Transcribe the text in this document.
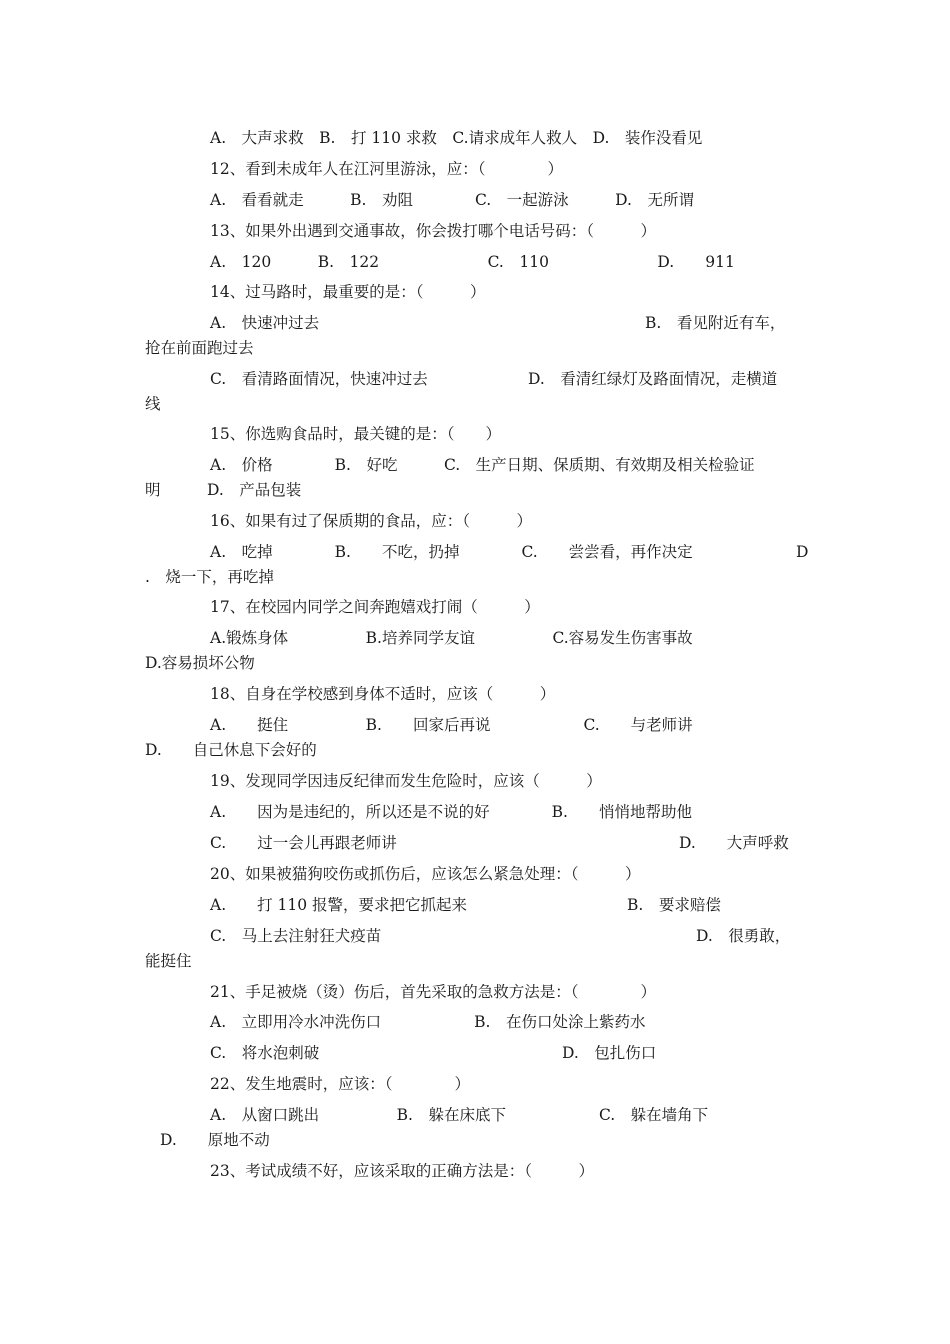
A.　大声求救　B.　打 110 求救　C.请求成年人救人　D.　装作没看见
12、看到未成年人在江河里游泳，应：（　　　　）
A.　看看就走　　　B.　劝阻　　　　C.　一起游泳　　　D.　无所谓
13、如果外出遇到交通事故，你会拨打哪个电话号码：（　　　）
A.　120　　　B.　122　　　　　　　C.　110　　　　　　　D.　　911
14、过马路时，最重要的是：（　　　）
A.　快速冲过去	B.　看见附近有车，
抢在前面跑过去
C.　看清路面情况，快速冲过去	D.　看清红绿灯及路面情况，走横道
线
15、你选购食品时，最关键的是：（　　）
A.　价格　　　　B.　好吃　　　C.　生产日期、保质期、有效期及相关检验证
明　　　D.　产品包装
16、如果有过了保质期的食品，应：（　　　）
A.　吃掉　　　　B.　　不吃，扔掉　　　　C.　　尝尝看，再作决定	D
.　烧一下，再吃掉
17、在校园内同学之间奔跑嬉戏打闹（　　　）
A.锻炼身体　　　　　B.培养同学友谊　　　　　C.容易发生伤害事故
D.容易损坏公物
18、自身在学校感到身体不适时，应该（　　　）
A.　　挺住　　　　　B.　　回家后再说　　　　　　C.　　与老师讲
D.　　自己休息下会好的
19、发现同学因违反纪律而发生危险时，应该（　　　）
A.　　因为是违纪的，所以还是不说的好　　　　B.　　悄悄地帮助他
C.　　过一会儿再跟老师讲	D.　　大声呼救
20、如果被猫狗咬伤或抓伤后，应该怎么紧急处理：（　　　）
A.　　打 110 报警，要求把它抓起来	B.　要求赔偿
C.　马上去注射狂犬疫苗	D.　很勇敢，
能挺住
21、手足被烧（烫）伤后，首先采取的急救方法是：（　　　　）
A.　立即用冷水冲洗伤口　　　　　　B.　在伤口处涂上紫药水
C.　将水泡刺破	D.　包扎伤口
22、发生地震时，应该：（　　　　）
A.　从窗口跳出　　　　　B.　躲在床底下　　　　　　C.　躲在墙角下
D.　　原地不动
23、考试成绩不好，应该采取的正确方法是：（　　　）
